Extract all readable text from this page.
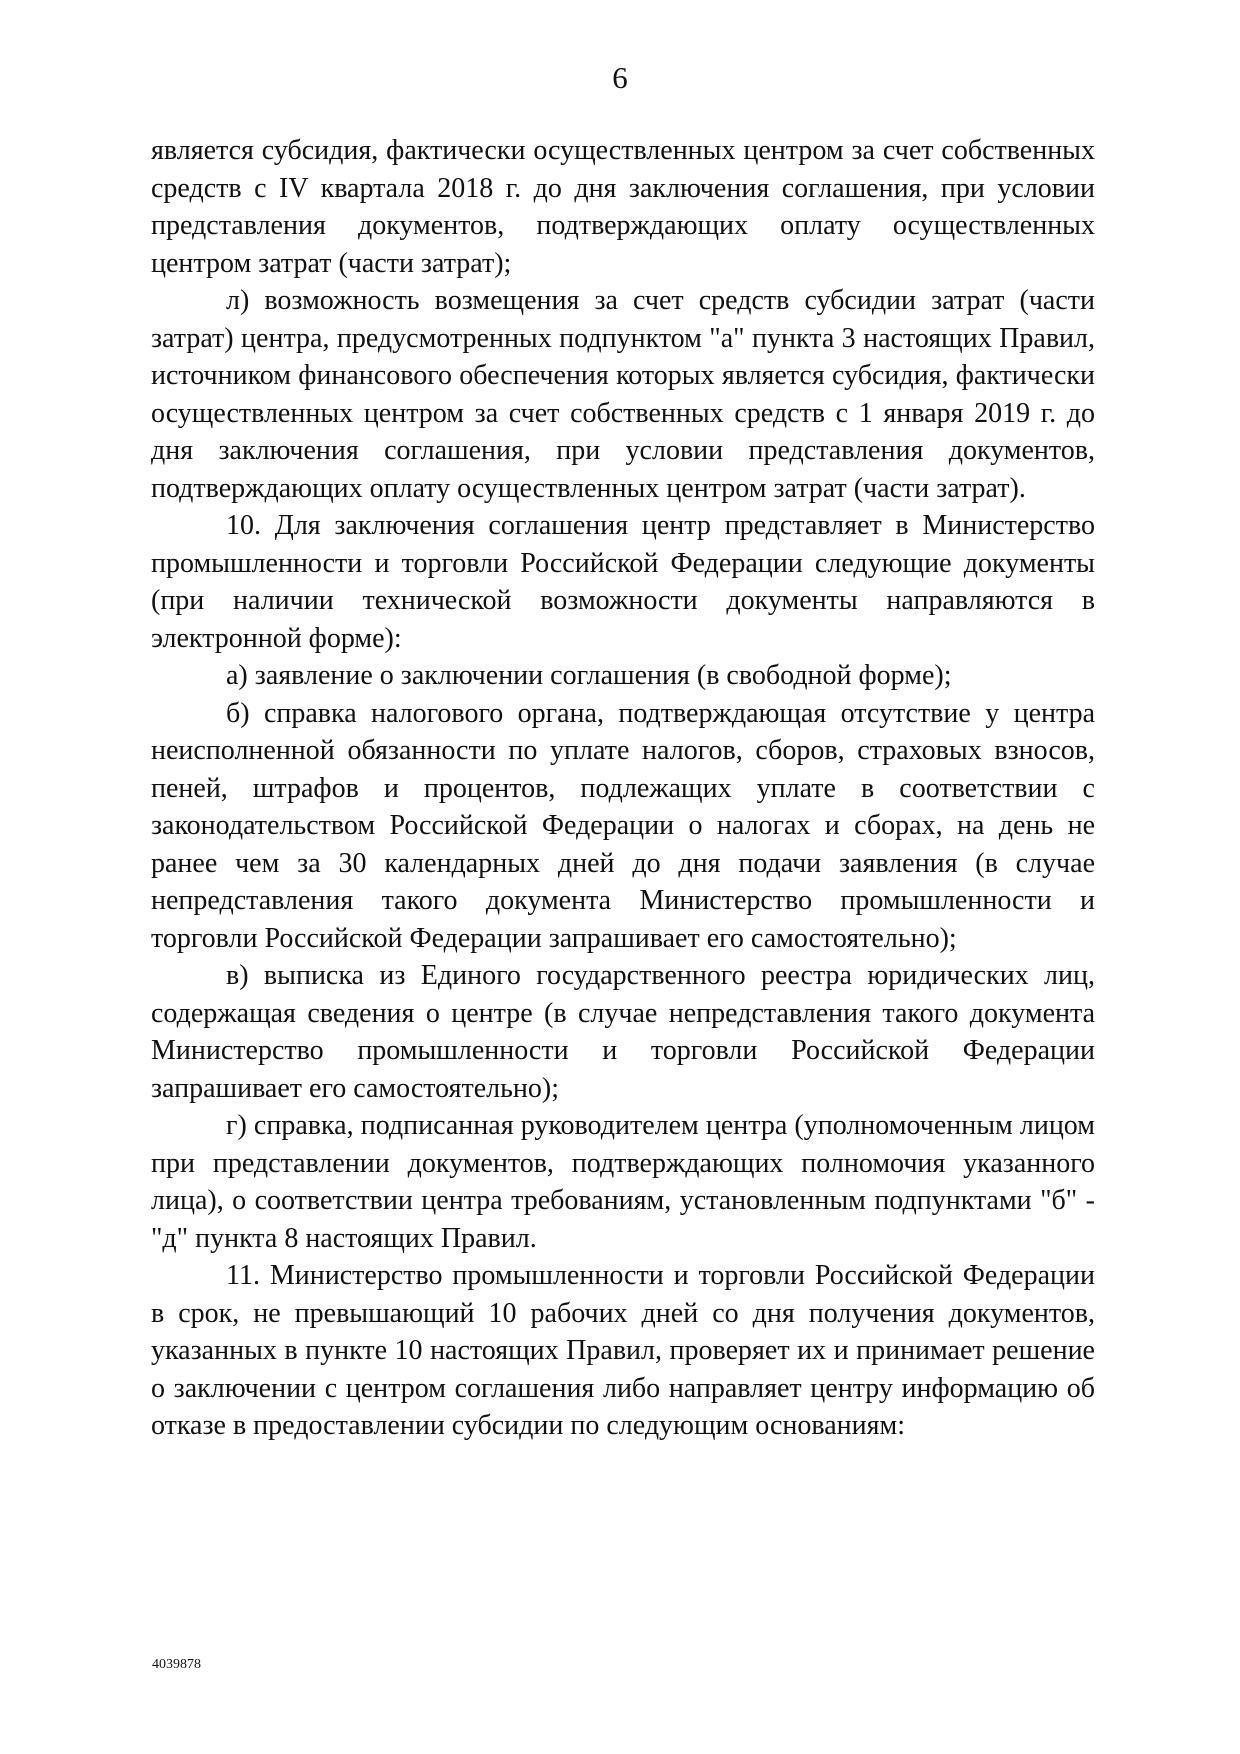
6

является субсидия, фактически осуществленных центром за счет собственных средств с IV квартала 2018 г. до дня заключения соглашения, при условии представления документов, подтверждающих оплату осуществленных центром затрат (части затрат);

л) возможность возмещения за счет средств субсидии затрат (части затрат) центра, предусмотренных подпунктом "а" пункта 3 настоящих Правил, источником финансового обеспечения которых является субсидия, фактически осуществленных центром за счет собственных средств с 1 января 2019 г. до дня заключения соглашения, при условии представления документов, подтверждающих оплату осуществленных центром затрат (части затрат).

10. Для заключения соглашения центр представляет в Министерство промышленности и торговли Российской Федерации следующие документы (при наличии технической возможности документы направляются в электронной форме):

а) заявление о заключении соглашения (в свободной форме);

б) справка налогового органа, подтверждающая отсутствие у центра неисполненной обязанности по уплате налогов, сборов, страховых взносов, пеней, штрафов и процентов, подлежащих уплате в соответствии с законодательством Российской Федерации о налогах и сборах, на день не ранее чем за 30 календарных дней до дня подачи заявления (в случае непредставления такого документа Министерство промышленности и торговли Российской Федерации запрашивает его самостоятельно);

в) выписка из Единого государственного реестра юридических лиц, содержащая сведения о центре (в случае непредставления такого документа Министерство промышленности и торговли Российской Федерации запрашивает его самостоятельно);

г) справка, подписанная руководителем центра (уполномоченным лицом при представлении документов, подтверждающих полномочия указанного лица), о соответствии центра требованиям, установленным подпунктами "б" - "д" пункта 8 настоящих Правил.

11. Министерство промышленности и торговли Российской Федерации в срок, не превышающий 10 рабочих дней со дня получения документов, указанных в пункте 10 настоящих Правил, проверяет их и принимает решение о заключении с центром соглашения либо направляет центру информацию об отказе в предоставлении субсидии по следующим основаниям:

4039878
